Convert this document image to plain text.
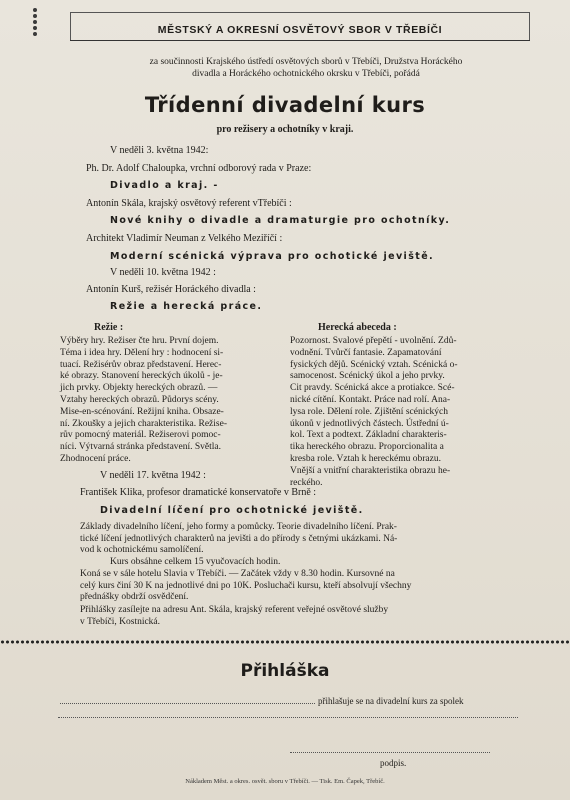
MĚSTSKÝ A OKRESNÍ OSVĚTOVÝ SBOR V TŘEBÍČI
za součinnosti Krajského ústředí osvětových sborů v Třebíči, Družstva Horáckého
divadla a Horáckého ochotnického okrsku v Třebíči, pořádá
Třídenní divadelní kurs
pro režisery a ochotníky v kraji.
V neděli 3. května 1942:
Ph. Dr. Adolf Chaloupka, vrchní odborový rada v Praze:
Divadlo a kraj. -
Antonín Skála, krajský osvětový referent vTřebíči :
Nové knihy o divadle a dramaturgie pro ochotníky.
Architekt Vladimír Neuman z Velkého Meziříčí :
Moderní scénická výprava pro ochotické jeviště.
V neděli 10. května 1942 :
Antonín Kurš, režisér Horáckého divadla :
Režie a herecká práce.
Režie :
Výběry hry. Režiser čte hru. První dojem.
Téma i idea hry. Dělení hry : hodnocení si-
tuací. Režisérův obraz představení. Herec-
ké obrazy. Stanovení hereckých úkolů - je-
jich prvky. Objekty hereckých obrazů. —
Vztahy hereckých obrazů. Půdorys scény.
Mise-en-scénování. Režijní kniha. Obsaze-
ní. Zkoušky a jejich charakteristika. Režise-
rův pomocný materiál. Režiserovi pomoc-
níci. Výtvarná stránka představení. Světla.
Zhodnocení práce.
Herecká abeceda :
Pozornost. Svalové přepětí - uvolnění. Zdů-
vodnění. Tvůrčí fantasie. Zapamatování
fysických dějů. Scénický vztah. Scénická o-
samocenost. Scénický úkol a jeho prvky.
Cit pravdy. Scénická akce a protiakce. Scé-
nické cítění. Kontakt. Práce nad rolí. Ana-
lysa role. Dělení role. Zjištění scénických
úkonů v jednotlivých částech. Ústřední ú-
kol. Text a podtext. Základní charakteris-
tika hereckého obrazu. Proporcionalita a
kresba role. Vztah k hereckému obrazu.
Vnější a vnitřní charakteristika obrazu he-
reckého.
V neděli 17. května 1942 :
František Klika, profesor dramatické konservatoře v Brně :
Divadelní líčení pro ochotnické jeviště.
Základy divadelního líčení, jeho formy a pomůcky. Teorie divadelního líčení. Prak-
tické líčení jednotlivých charakterů na jevišti a do přírody s četnými ukázkami. Ná-
vod k ochotnickému samolíčení.
Kurs obsáhne celkem 15 vyučovacích hodin.
Koná se v sále hotelu Slavia v Třebíči. — Začátek vždy v 8.30 hodin. Kursovné na
celý kurs činí 30 K na jednotlivé dni po 10K. Posluchači kursu, kteří absolvují všechny
přednášky obdrží osvědčení.
Přihlášky zasílejte na adresu Ant. Skála, krajský referent veřejné osvětové služby
v Třebíči, Kostnická.
Přihláška
přihlašuje se na divadelní kurs za spolek
podpis.
Nákladem Měst. a okres. osvět. sboru v Třebíči. — Tisk. Em. Čapek, Třebíč.
